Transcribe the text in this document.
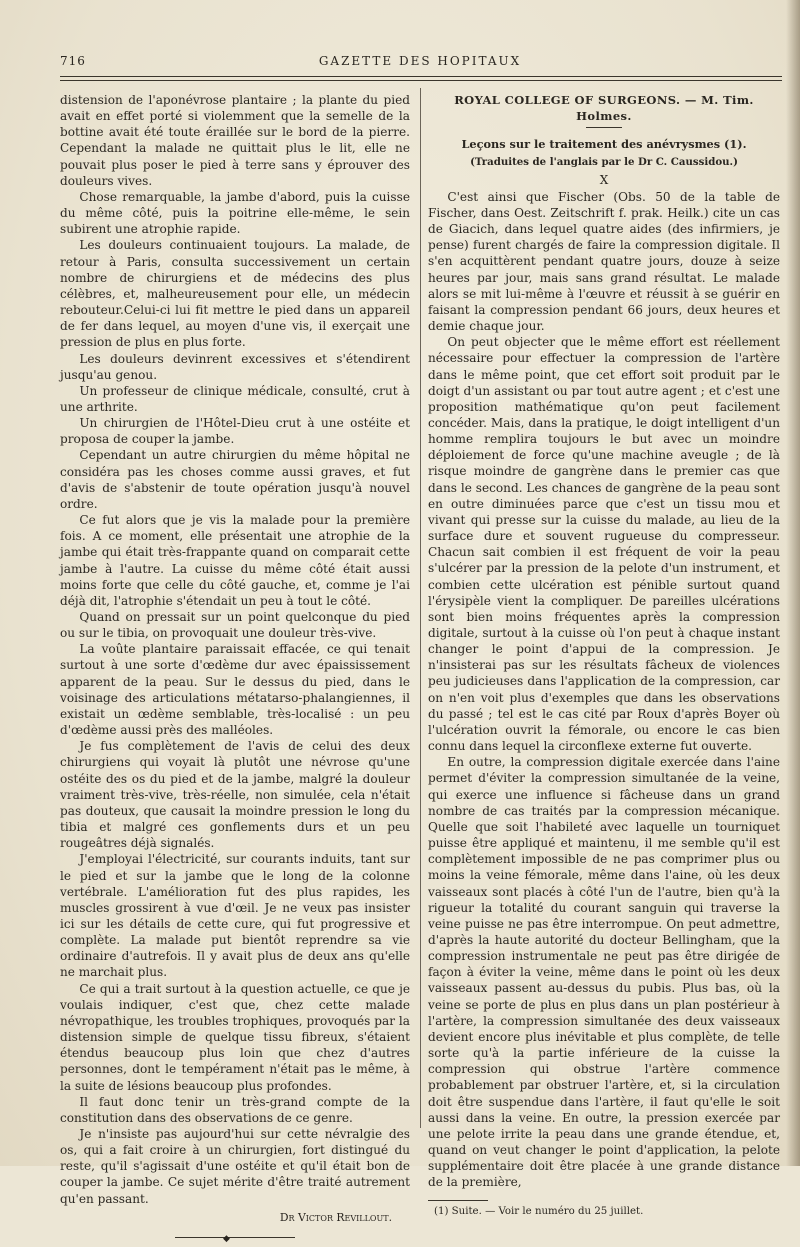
716	GAZETTE DES HOPITAUX

distension de l'aponévrose plantaire ; la plante du pied avait en effet porté si violemment que la semelle de la bottine avait été toute éraillée sur le bord de la pierre. Cependant la malade ne quittait plus le lit, elle ne pouvait plus poser le pied à terre sans y éprouver des douleurs vives.

Chose remarquable, la jambe d'abord, puis la cuisse du même côté, puis la poitrine elle-même, le sein subirent une atrophie rapide.

Les douleurs continuaient toujours. La malade, de retour à Paris, consulta successivement un certain nombre de chirurgiens et de médecins des plus célèbres, et, malheureusement pour elle, un médecin rebouteur.Celui-ci lui fit mettre le pied dans un appareil de fer dans lequel, au moyen d'une vis, il exerçait une pression de plus en plus forte.

Les douleurs devinrent excessives et s'étendirent jusqu'au genou.

Un professeur de clinique médicale, consulté, crut à une arthrite.

Un chirurgien de l'Hôtel-Dieu crut à une ostéite et proposa de couper la jambe.

Cependant un autre chirurgien du même hôpital ne considéra pas les choses comme aussi graves, et fut d'avis de s'abstenir de toute opération jusqu'à nouvel ordre.

Ce fut alors que je vis la malade pour la première fois. A ce moment, elle présentait une atrophie de la jambe qui était très-frappante quand on comparait cette jambe à l'autre. La cuisse du même côté était aussi moins forte que celle du côté gauche, et, comme je l'ai déjà dit, l'atrophie s'étendait un peu à tout le côté.

Quand on pressait sur un point quelconque du pied ou sur le tibia, on provoquait une douleur très-vive.

La voûte plantaire paraissait effacée, ce qui tenait surtout à une sorte d'œdème dur avec épaississement apparent de la peau. Sur le dessus du pied, dans le voisinage des articulations métatarso-phalangiennes, il existait un œdème semblable, très-localisé : un peu d'œdème aussi près des malléoles.

Je fus complètement de l'avis de celui des deux chirurgiens qui voyait là plutôt une névrose qu'une ostéite des os du pied et de la jambe, malgré la douleur vraiment très-vive, très-réelle, non simulée, cela n'était pas douteux, que causait la moindre pression le long du tibia et malgré ces gonflements durs et un peu rougeâtres déjà signalés.

J'employai l'électricité, sur courants induits, tant sur le pied et sur la jambe que le long de la colonne vertébrale. L'amélioration fut des plus rapides, les muscles grossirent à vue d'œil. Je ne veux pas insister ici sur les détails de cette cure, qui fut progressive et complète. La malade put bientôt reprendre sa vie ordinaire d'autrefois. Il y avait plus de deux ans qu'elle ne marchait plus.

Ce qui a trait surtout à la question actuelle, ce que je voulais indiquer, c'est que, chez cette malade névropathique, les troubles trophiques, provoqués par la distension simple de quelque tissu fibreux, s'étaient étendus beaucoup plus loin que chez d'autres personnes, dont le tempérament n'était pas le même, à la suite de lésions beaucoup plus profondes.

Il faut donc tenir un très-grand compte de la constitution dans des observations de ce genre.

Je n'insiste pas aujourd'hui sur cette névralgie des os, qui a fait croire à un chirurgien, fort distingué du reste, qu'il s'agissait d'une ostéite et qu'il était bon de couper la jambe. Ce sujet mérite d'être traité autrement qu'en passant.

Dr Victor Revillout.
◆
ROYAL COLLEGE OF SURGEONS. — M. Tim. Holmes.
Leçons sur le traitement des anévrysmes (1).
(Traduites de l'anglais par le Dr C. Caussidou.)
X

C'est ainsi que Fischer (Obs. 50 de la table de Fischer, dans Oest. Zeitschrift f. prak. Heilk.) cite un cas de Giacich, dans lequel quatre aides (des infirmiers, je pense) furent chargés de faire la compression digitale. Il s'en acquittèrent pendant quatre jours, douze à seize heures par jour, mais sans grand résultat. Le malade alors se mit lui-même à l'œuvre et réussit à se guérir en faisant la compression pendant 66 jours, deux heures et demie chaque jour.

On peut objecter que le même effort est réellement nécessaire pour effectuer la compression de l'artère dans le même point, que cet effort soit produit par le doigt d'un assistant ou par tout autre agent ; et c'est une proposition mathématique qu'on peut facilement concéder. Mais, dans la pratique, le doigt intelligent d'un homme remplira toujours le but avec un moindre déploiement de force qu'une machine aveugle ; de là risque moindre de gangrène dans le premier cas que dans le second. Les chances de gangrène de la peau sont en outre diminuées parce que c'est un tissu mou et vivant qui presse sur la cuisse du malade, au lieu de la surface dure et souvent rugueuse du compresseur. Chacun sait combien il est fréquent de voir la peau s'ulcérer par la pression de la pelote d'un instrument, et combien cette ulcération est pénible surtout quand l'érysipèle vient la compliquer. De pareilles ulcérations sont bien moins fréquentes après la compression digitale, surtout à la cuisse où l'on peut à chaque instant changer le point d'appui de la compression. Je n'insisterai pas sur les résultats fâcheux de violences peu judicieuses dans l'application de la compression, car on n'en voit plus d'exemples que dans les observations du passé ; tel est le cas cité par Roux d'après Boyer où l'ulcération ouvrit la fémorale, ou encore le cas bien connu dans lequel la circonflexe externe fut ouverte.

En outre, la compression digitale exercée dans l'aine permet d'éviter la compression simultanée de la veine, qui exerce une influence si fâcheuse dans un grand nombre de cas traités par la compression mécanique. Quelle que soit l'habileté avec laquelle un tourniquet puisse être appliqué et maintenu, il me semble qu'il est complètement impossible de ne pas comprimer plus ou moins la veine fémorale, même dans l'aine, où les deux vaisseaux sont placés à côté l'un de l'autre, bien qu'à la rigueur la totalité du courant sanguin qui traverse la veine puisse ne pas être interrompue. On peut admettre, d'après la haute autorité du docteur Bellingham, que la compression instrumentale ne peut pas être dirigée de façon à éviter la veine, même dans le point où les deux vaisseaux passent au-dessus du pubis. Plus bas, où la veine se porte de plus en plus dans un plan postérieur à l'artère, la compression simultanée des deux vaisseaux devient encore plus inévitable et plus complète, de telle sorte qu'à la partie inférieure de la cuisse la compression qui obstrue l'artère commence probablement par obstruer l'artère, et, si la circulation doit être suspendue dans l'artère, il faut qu'elle le soit aussi dans la veine. En outre, la pression exercée par une pelote irrite la peau dans une grande étendue, et, quand on veut changer le point d'application, la pelote supplémentaire doit être placée à une grande distance de la première,

(1) Suite. — Voir le numéro du 25 juillet.
